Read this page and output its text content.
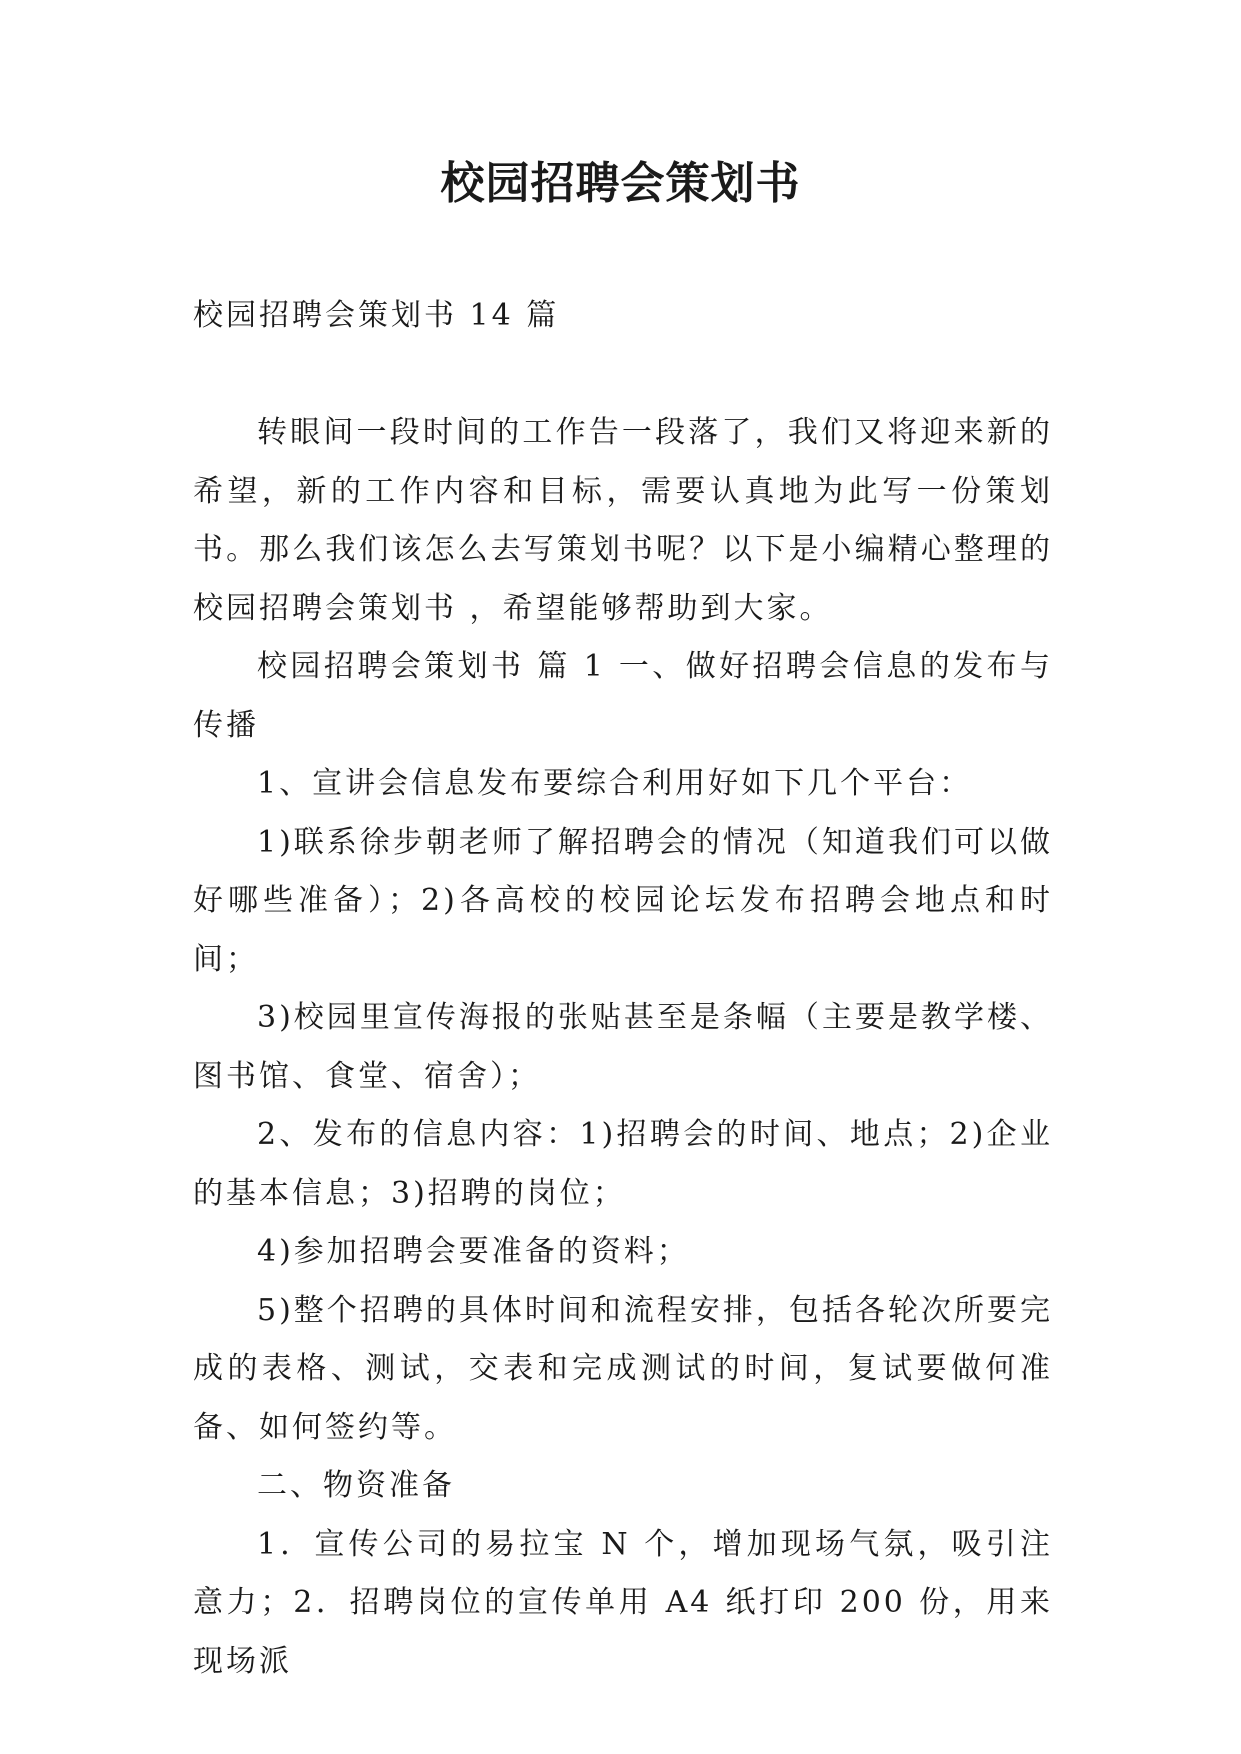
校园招聘会策划书

校园招聘会策划书 14 篇

转眼间一段时间的工作告一段落了，我们又将迎来新的希望，新的工作内容和目标，需要认真地为此写一份策划书。那么我们该怎么去写策划书呢？以下是小编精心整理的校园招聘会策划书 ，希望能够帮助到大家。

校园招聘会策划书 篇 1 一、做好招聘会信息的发布与传播

1、宣讲会信息发布要综合利用好如下几个平台：

1)联系徐步朝老师了解招聘会的情况（知道我们可以做好哪些准备）；2)各高校的校园论坛发布招聘会地点和时间；

3)校园里宣传海报的张贴甚至是条幅（主要是教学楼、图书馆、食堂、宿舍）；

2、发布的信息内容：1)招聘会的时间、地点；2)企业的基本信息；3)招聘的岗位；

4)参加招聘会要准备的资料；

5)整个招聘的具体时间和流程安排，包括各轮次所要完成的表格、测试，交表和完成测试的时间，复试要做何准备、如何签约等。

二、物资准备

1．宣传公司的易拉宝 N 个，增加现场气氛，吸引注意力；2．招聘岗位的宣传单用 A4 纸打印 200 份，用来现场派
